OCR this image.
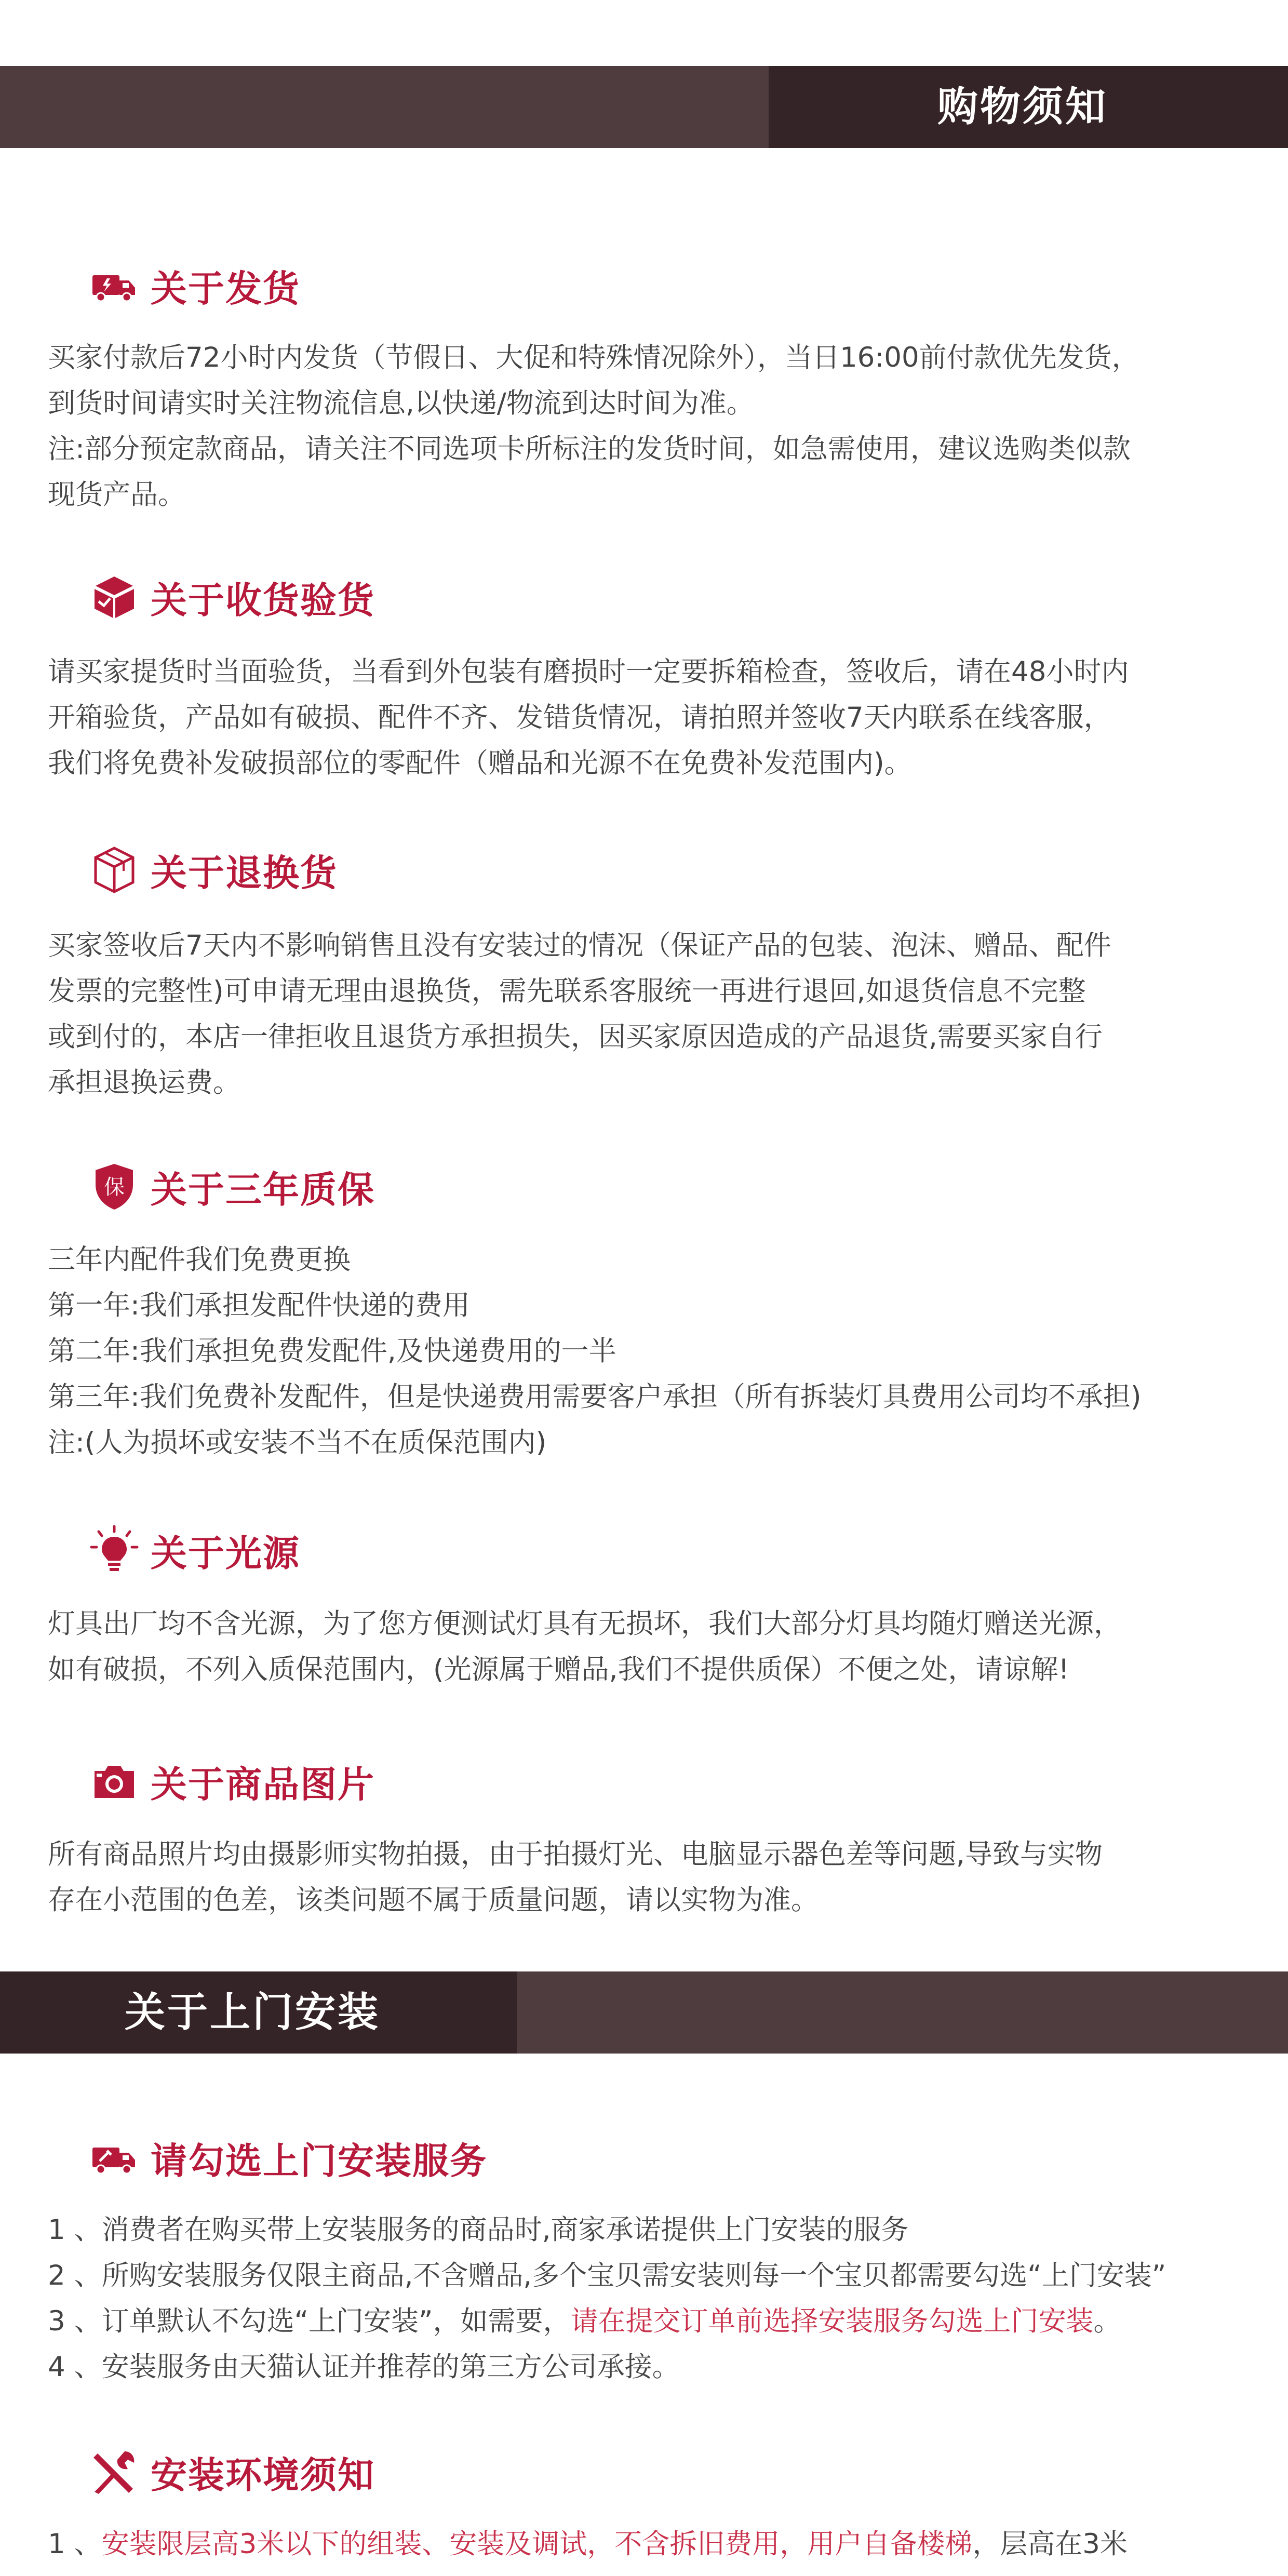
购物须知
关于发货
买家付款后72小时内发货（节假日、大促和特殊情况除外），当日16:00前付款优先发货，
到货时间请实时关注物流信息,以快递/物流到达时间为准。
注:部分预定款商品，请关注不同选项卡所标注的发货时间，如急需使用，建议选购类似款
现货产品。
关于收货验货
请买家提货时当面验货，当看到外包装有磨损时一定要拆箱检查，签收后，请在48小时内
开箱验货，产品如有破损、配件不齐、发错货情况，请拍照并签收7天内联系在线客服，
我们将免费补发破损部位的零配件（赠品和光源不在免费补发范围内)。
关于退换货
买家签收后7天内不影响销售且没有安装过的情况（保证产品的包装、泡沫、赠品、配件
发票的完整性)可申请无理由退换货，需先联系客服统一再进行退回,如退货信息不完整
或到付的，本店一律拒收且退货方承担损失，因买家原因造成的产品退货,需要买家自行
承担退换运费。
保 关于三年质保
三年内配件我们免费更换
第一年:我们承担发配件快递的费用
第二年:我们承担免费发配件,及快递费用的一半
第三年:我们免费补发配件，但是快递费用需要客户承担（所有拆装灯具费用公司均不承担)
注:(人为损坏或安装不当不在质保范围内)
关于光源
灯具出厂均不含光源，为了您方便测试灯具有无损坏，我们大部分灯具均随灯赠送光源，
如有破损，不列入质保范围内，(光源属于赠品,我们不提供质保）不便之处，请谅解!
关于商品图片
所有商品照片均由摄影师实物拍摄，由于拍摄灯光、电脑显示器色差等问题,导致与实物
存在小范围的色差，该类问题不属于质量问题，请以实物为准。
关于上门安装
请勾选上门安装服务
1 、消费者在购买带上安装服务的商品时,商家承诺提供上门安装的服务
2 、所购安装服务仅限主商品,不含赠品,多个宝贝需安装则每一个宝贝都需要勾选“上门安装”
3 、订单默认不勾选“上门安装”，如需要，请在提交订单前选择安装服务勾选上门安装。
4 、安装服务由天猫认证并推荐的第三方公司承接。
安装环境须知
1 、安装限层高3米以下的组装、安装及调试，不含拆旧费用，用户自备楼梯，层高在3米
